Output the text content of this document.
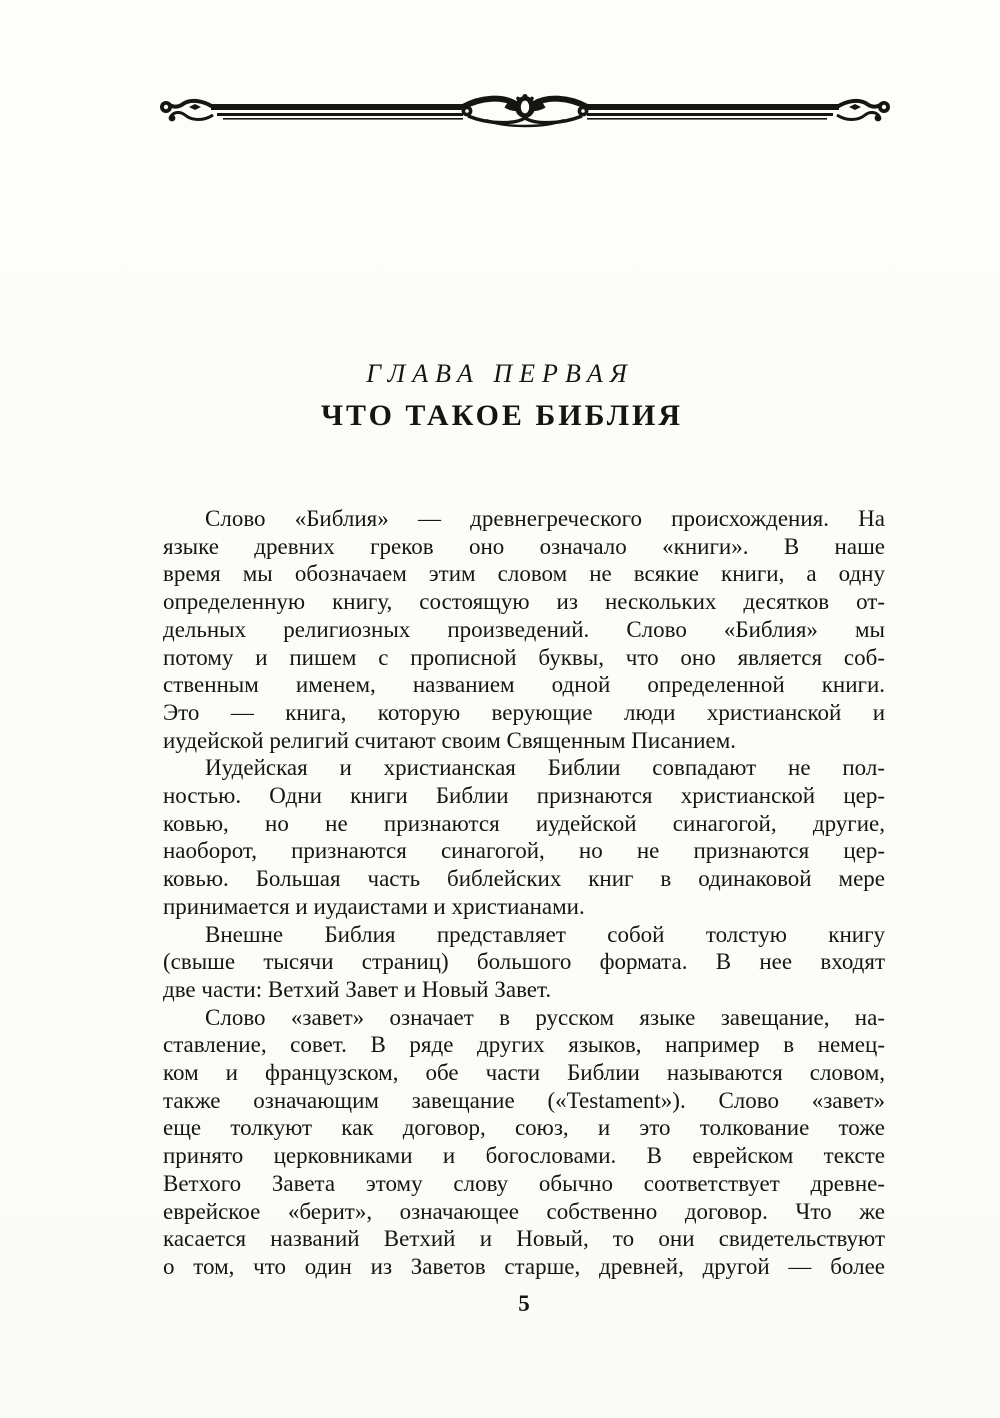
ГЛАВА ПЕРВАЯ
ЧТО ТАКОЕ БИБЛИЯ
Слово «Библия» — древнегреческого происхождения. На
языке древних греков оно означало «книги». В наше
время мы обозначаем этим словом не всякие книги, а одну
определенную книгу, состоящую из нескольких десятков от-
дельных религиозных произведений. Слово «Библия» мы
потому и пишем с прописной буквы, что оно является соб-
ственным именем, названием одной определенной книги.
Это — книга, которую верующие люди христианской и
иудейской религий считают своим Священным Писанием.
Иудейская и христианская Библии совпадают не пол-
ностью. Одни книги Библии признаются христианской цер-
ковью, но не признаются иудейской синагогой, другие,
наоборот, признаются синагогой, но не признаются цер-
ковью. Большая часть библейских книг в одинаковой мере
принимается и иудаистами и христианами.
Внешне Библия представляет собой толстую книгу
(свыше тысячи страниц) большого формата. В нее входят
две части: Ветхий Завет и Новый Завет.
Слово «завет» означает в русском языке завещание, на-
ставление, совет. В ряде других языков, например в немец-
ком и французском, обе части Библии называются словом,
также означающим завещание («Testament»). Слово «завет»
еще толкуют как договор, союз, и это толкование тоже
принято церковниками и богословами. В еврейском тексте
Ветхого Завета этому слову обычно соответствует древне-
еврейское «берит», означающее собственно договор. Что же
касается названий Ветхий и Новый, то они свидетельствуют
о том, что один из Заветов старше, древней, другой — более
5
